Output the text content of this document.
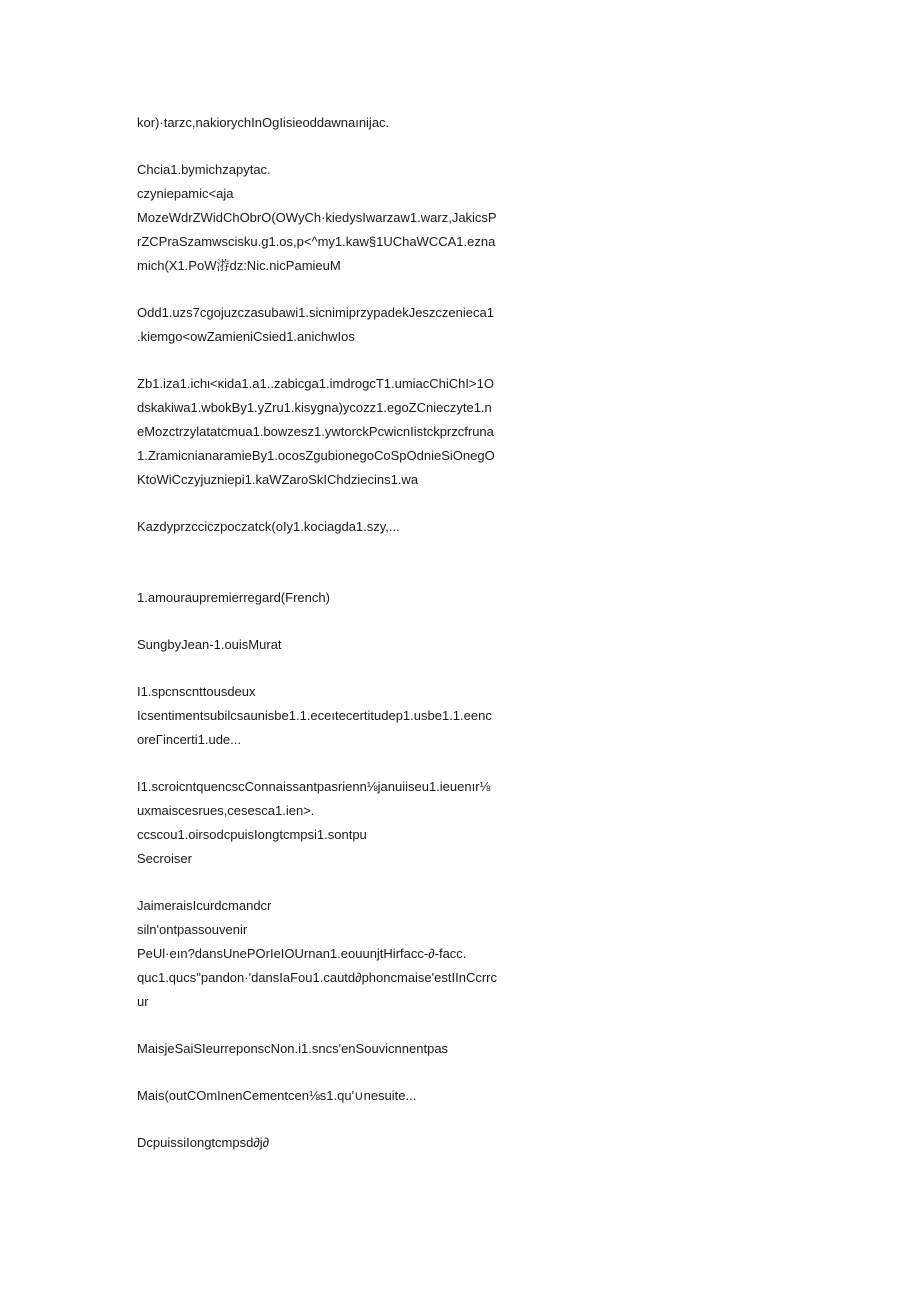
kor)·tarzc,nakiorychInOgIisieoddawnaınijac.
Chcia1.bymichzapytac.
czyniepamic<aja
MozeWdrZWidChObrO(OWyCh·kiedysIwarzaw1.warz,JakicsP
rZCPraSzamwscisku.g1.os,p<^my1.kaw§1UChaWCCA1.ezna
mich(X1.PoW㳺dz:Nic.nicPamieuM
Odd1.uzs7cgojuzczasubawi1.sicnimiprzypadekJeszczenieca1
.kiemgo<owZamieniCsied1.anichwIos
Zb1.iza1.ichι<κida1.a1..zabicga1.imdrogcT1.umiacChiChI>1O
dskakiwa1.wbokBy1.yZru1.kisygna)ycozz1.egoZCnieczyte1.n
eMozctrzylatatcmua1.bowzesz1.ywtorckPcwicnIistckprzcfruna
1.ZramicnianaramieBy1.ocosZgubionegoCoSpOdnieSiOnegO
KtoWiCczyjuzniepi1.kaWZaroSkIChdziecins1.wa
Kazdyprzcciczpoczatck(oIy1.kociagda1.szy,...
1.amouraupremierregard(French)
SungbyJean-1.ouisMurat
I1.spcnscnttousdeux
Icsentimentsubilcsaunisbe1.1.eceıtecertitudep1.usbe1.1.eenc
oreΓincerti1.ude...
I1.scroicntquencscConnaissantpasrienn⅛januiiseu1.ieuenır⅛
uxmaiscesrues,cesesca1.ien>.
ccscou1.oirsodcpuisIongtcmpsi1.sontpu
Secroiser
JaimeraisIcurdcmandcr
siln'ontpassouvenir
PeUl·eın?dansUnePOrIeIOUrnan1.eouunjtHirfacc-∂-facc.
quc1.qucs"pandon·'dansIaFou1.cautd∂phoncmaise'estIInCcrrc
ur
MaisjeSaiSIeurreponscNon.i1.sncs'enSouvicnnentpas
Mais(outCOmInenCementcen⅛s1.qu'∪nesuite...
DcpuissiIongtcmpsd∂j∂
